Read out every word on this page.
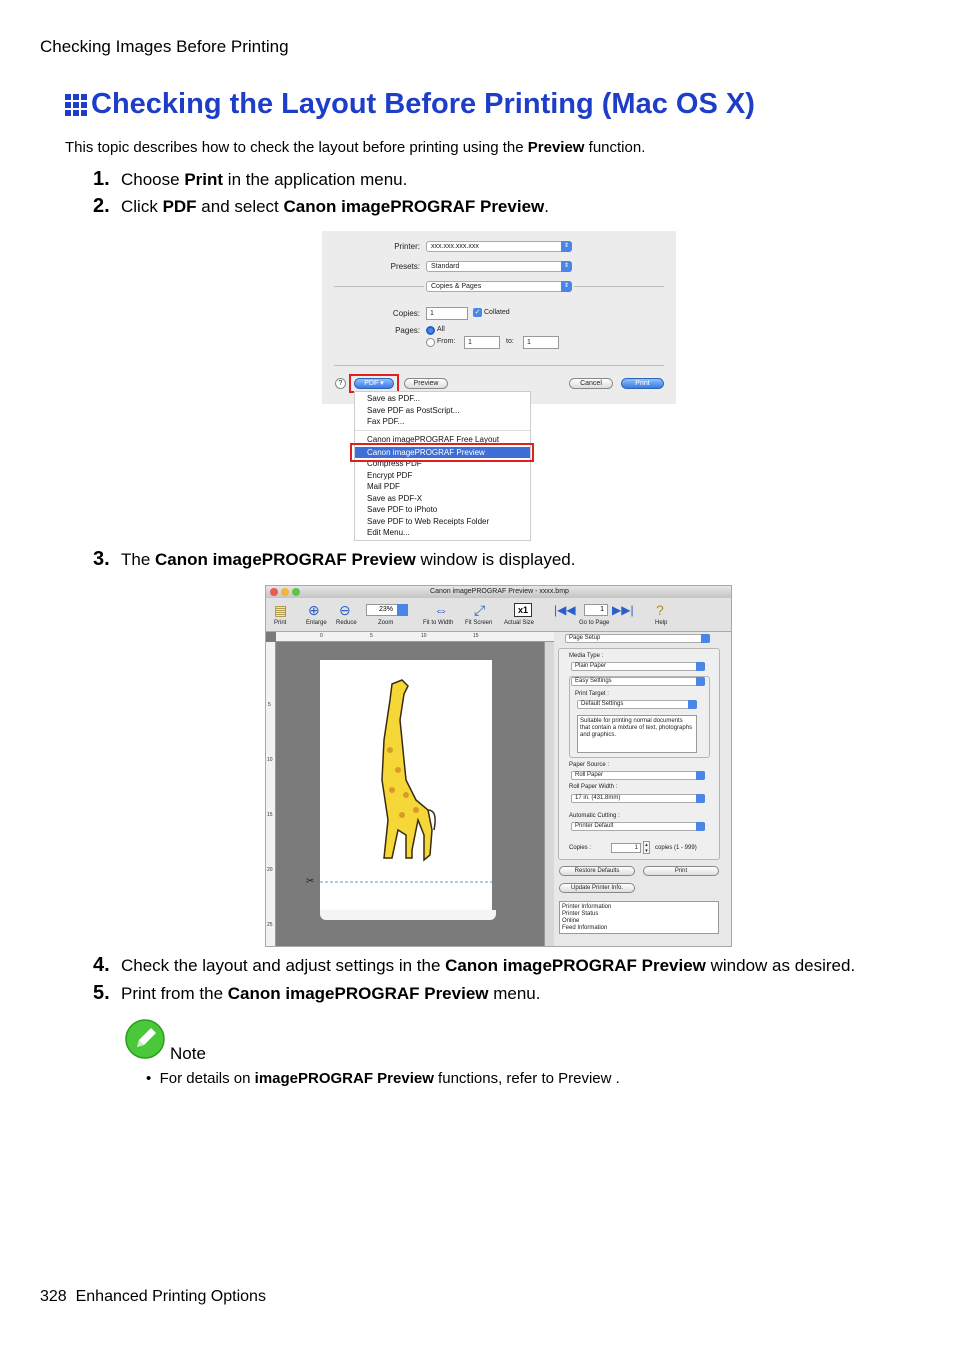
Checking Images Before Printing
Checking the Layout Before Printing (Mac OS X)
This topic describes how to check the layout before printing using the Preview function.
1. Choose Print in the application menu.
2. Click PDF and select Canon imagePROGRAF Preview.
Printer:	xxx.xxx.xxx.xxx	⇕
Presets:	Standard	⇕
Copies & Pages	⇕
Copies:	1	✓ Collated
Pages: All
From:	1	to:	1
?	PDF ▾	Preview	Cancel	Print
Save as PDF...
Save PDF as PostScript...
Fax PDF...
Canon imagePROGRAF Free Layout
Canon imagePROGRAF Preview
Compress PDF
Encrypt PDF
Mail PDF
Save as PDF-X
Save PDF to iPhoto
Save PDF to Web Receipts Folder
Edit Menu...
3. The Canon imagePROGRAF Preview window is displayed.
Canon imagePROGRAF Preview - xxxx.bmp
▤
Print
⊕
Enlarge
⊖
Reduce
23%
Zoom
⇔
Fit to Width
⤢
Fit Screen
x1
Actual Size
|◀◀	1 ▶▶|
Go to Page
?
Help
0	5	10	15
5
10
15
20
25
✂
Page Setup
Media Type :
Plain Paper
Easy Settings
Print Target :
Default Settings
Suitable for printing normal documents that contain a mixture of text, photographs and graphics.
Paper Source :
Roll Paper
Roll Paper Width :
17 in. (431.8mm)
Automatic Cutting :
Printer Default
Copies :	1	▴
▾	copies (1 - 999)
Restore Defaults	Print
Update Printer Info.
Printer Information
Printer Status
Online
Feed Information
4. Check the layout and adjust settings in the Canon imagePROGRAF Preview window as desired.
5. Print from the Canon imagePROGRAF Preview menu.
Note
• For details on imagePROGRAF Preview functions, refer to Preview .
328 Enhanced Printing Options
